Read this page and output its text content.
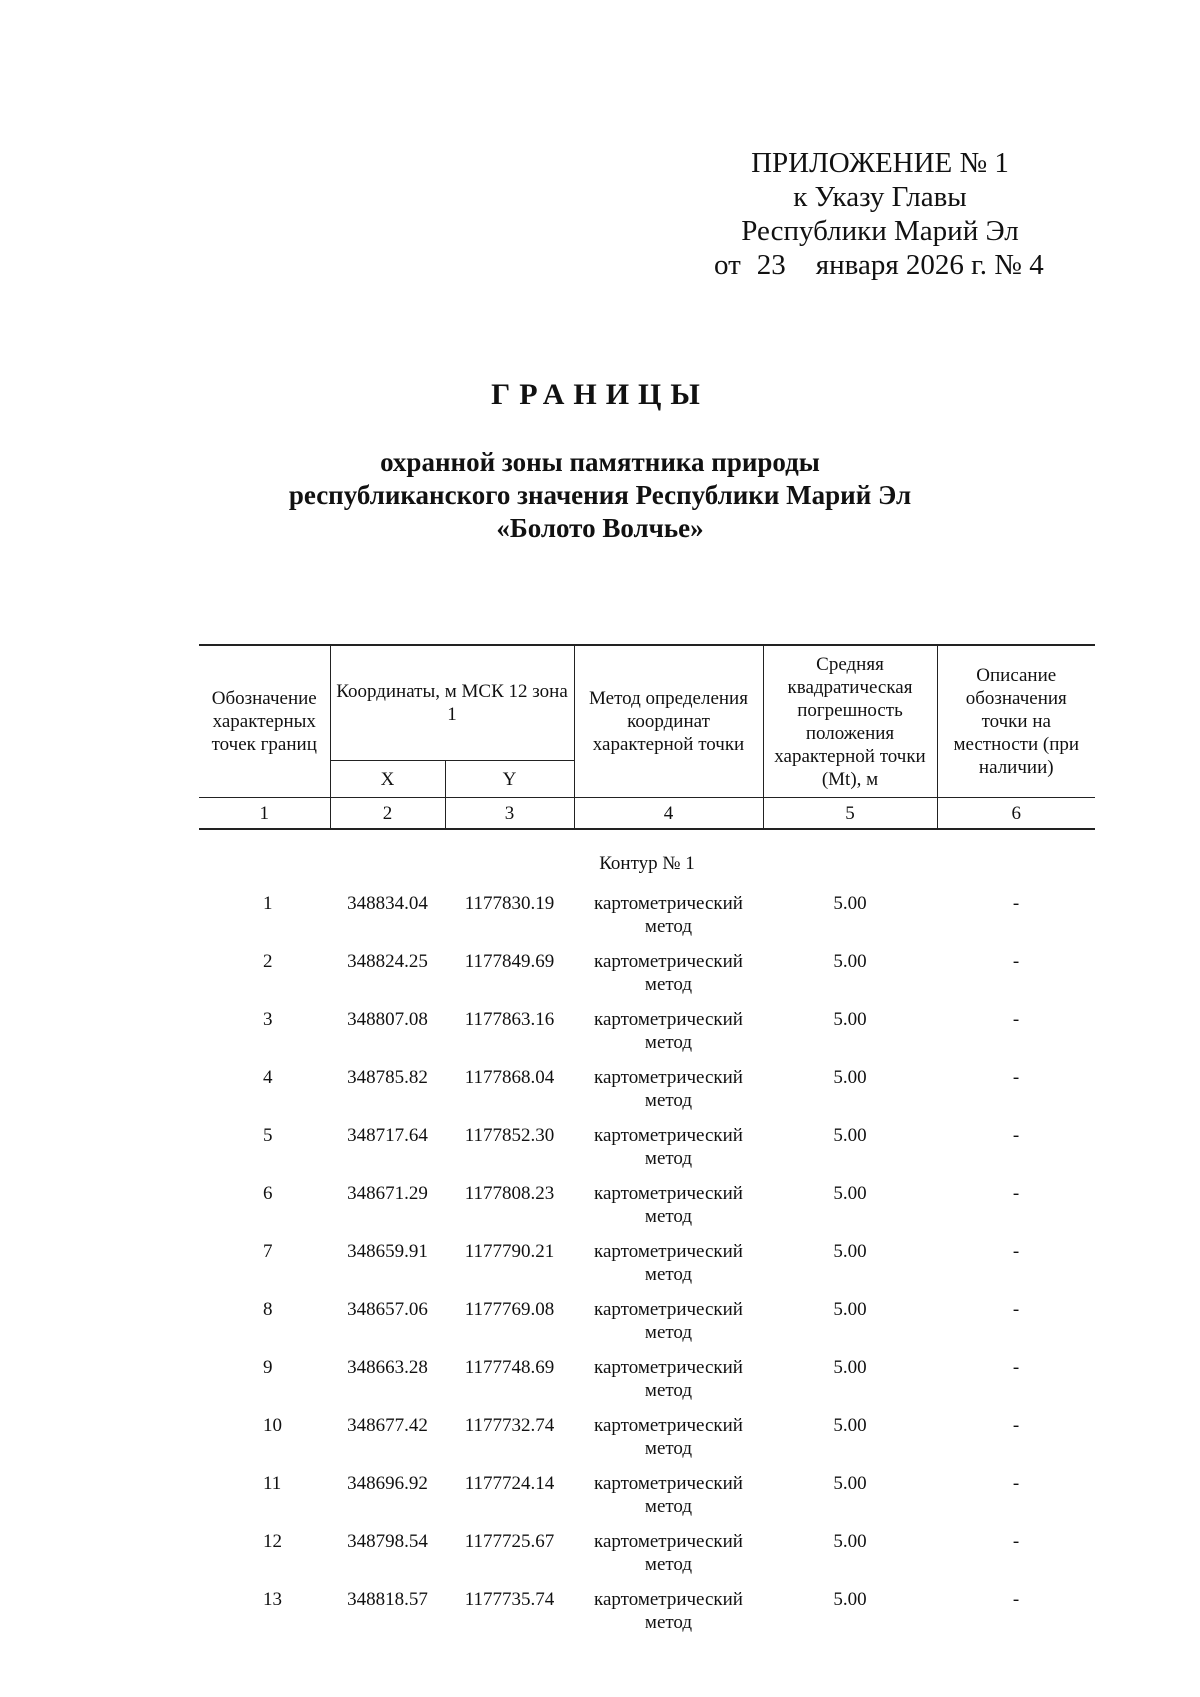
ПРИЛОЖЕНИЕ № 1
к Указу Главы
Республики Марий Эл
от 23 января 2026 г. № 4
ГРАНИЦЫ
охранной зоны памятника природы
республиканского значения Республики Марий Эл
«Болото Волчье»
Обозначение характерных точек границ	Координаты, м МСК 12 зона 1		Метод определения координат характерной точки	Средняя квадратическая погрешность положения характерной точки (Mt), м	Описание обозначения точки на местности (при наличии)
	X	Y			
1	2	3	4	5	6
Контур № 1					
1	348834.04	1177830.19	картометрический метод	5.00	-
2	348824.25	1177849.69	картометрический метод	5.00	-
3	348807.08	1177863.16	картометрический метод	5.00	-
4	348785.82	1177868.04	картометрический метод	5.00	-
5	348717.64	1177852.30	картометрический метод	5.00	-
6	348671.29	1177808.23	картометрический метод	5.00	-
7	348659.91	1177790.21	картометрический метод	5.00	-
8	348657.06	1177769.08	картометрический метод	5.00	-
9	348663.28	1177748.69	картометрический метод	5.00	-
10	348677.42	1177732.74	картометрический метод	5.00	-
11	348696.92	1177724.14	картометрический метод	5.00	-
12	348798.54	1177725.67	картометрический метод	5.00	-
13	348818.57	1177735.74	картометрический метод	5.00	-
